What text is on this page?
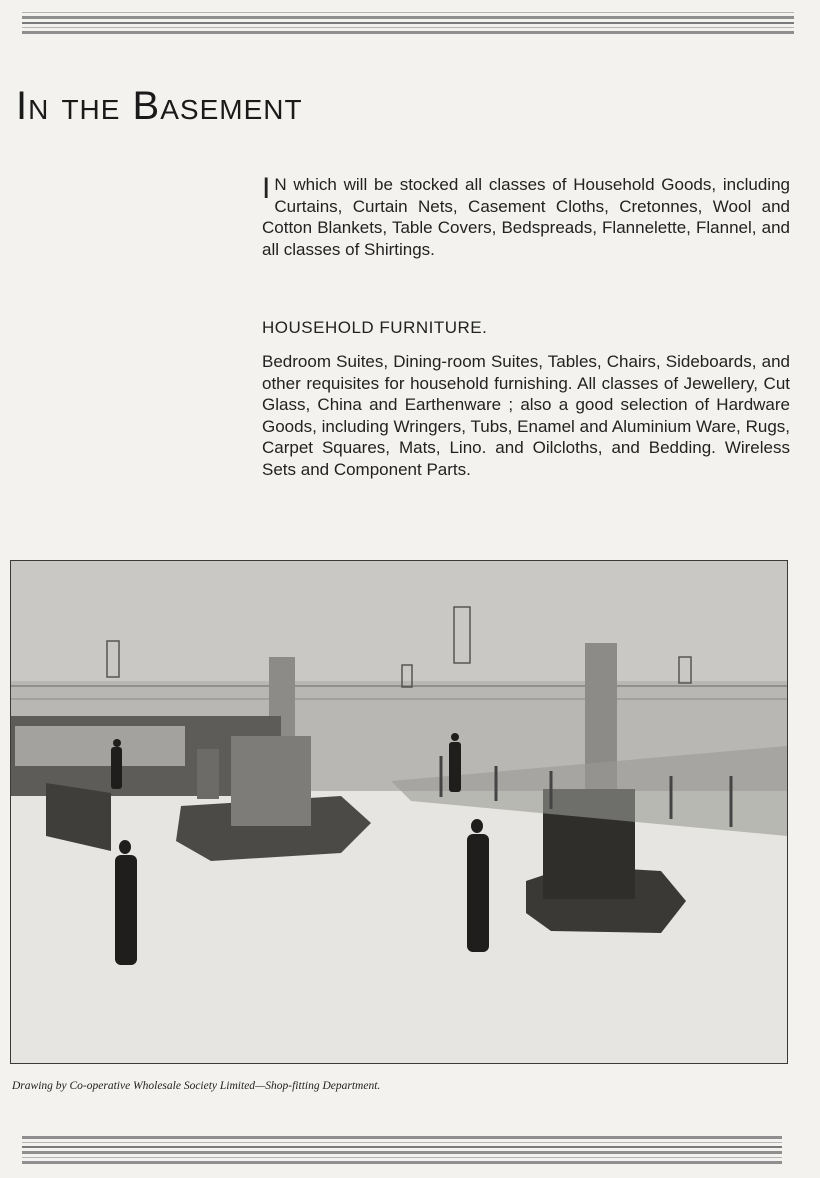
In the Basement
I N which will be stocked all classes of Household Goods, including Curtains, Curtain Nets, Casement Cloths, Cretonnes, Wool and Cotton Blankets, Table Covers, Bedspreads, Flannelette, Flannel, and all classes of Shirtings.
HOUSEHOLD FURNITURE.
Bedroom Suites, Dining-room Suites, Tables, Chairs, Sideboards, and other requisites for household furnishing. All classes of Jewellery, Cut Glass, China and Earthenware ; also a good selection of Hardware Goods, including Wringers, Tubs, Enamel and Aluminium Ware, Rugs, Carpet Squares, Mats, Lino. and Oilcloths, and Bedding. Wireless Sets and Component Parts.
Drawing by Co-operative Wholesale Society Limited—Shop-fitting Department.
